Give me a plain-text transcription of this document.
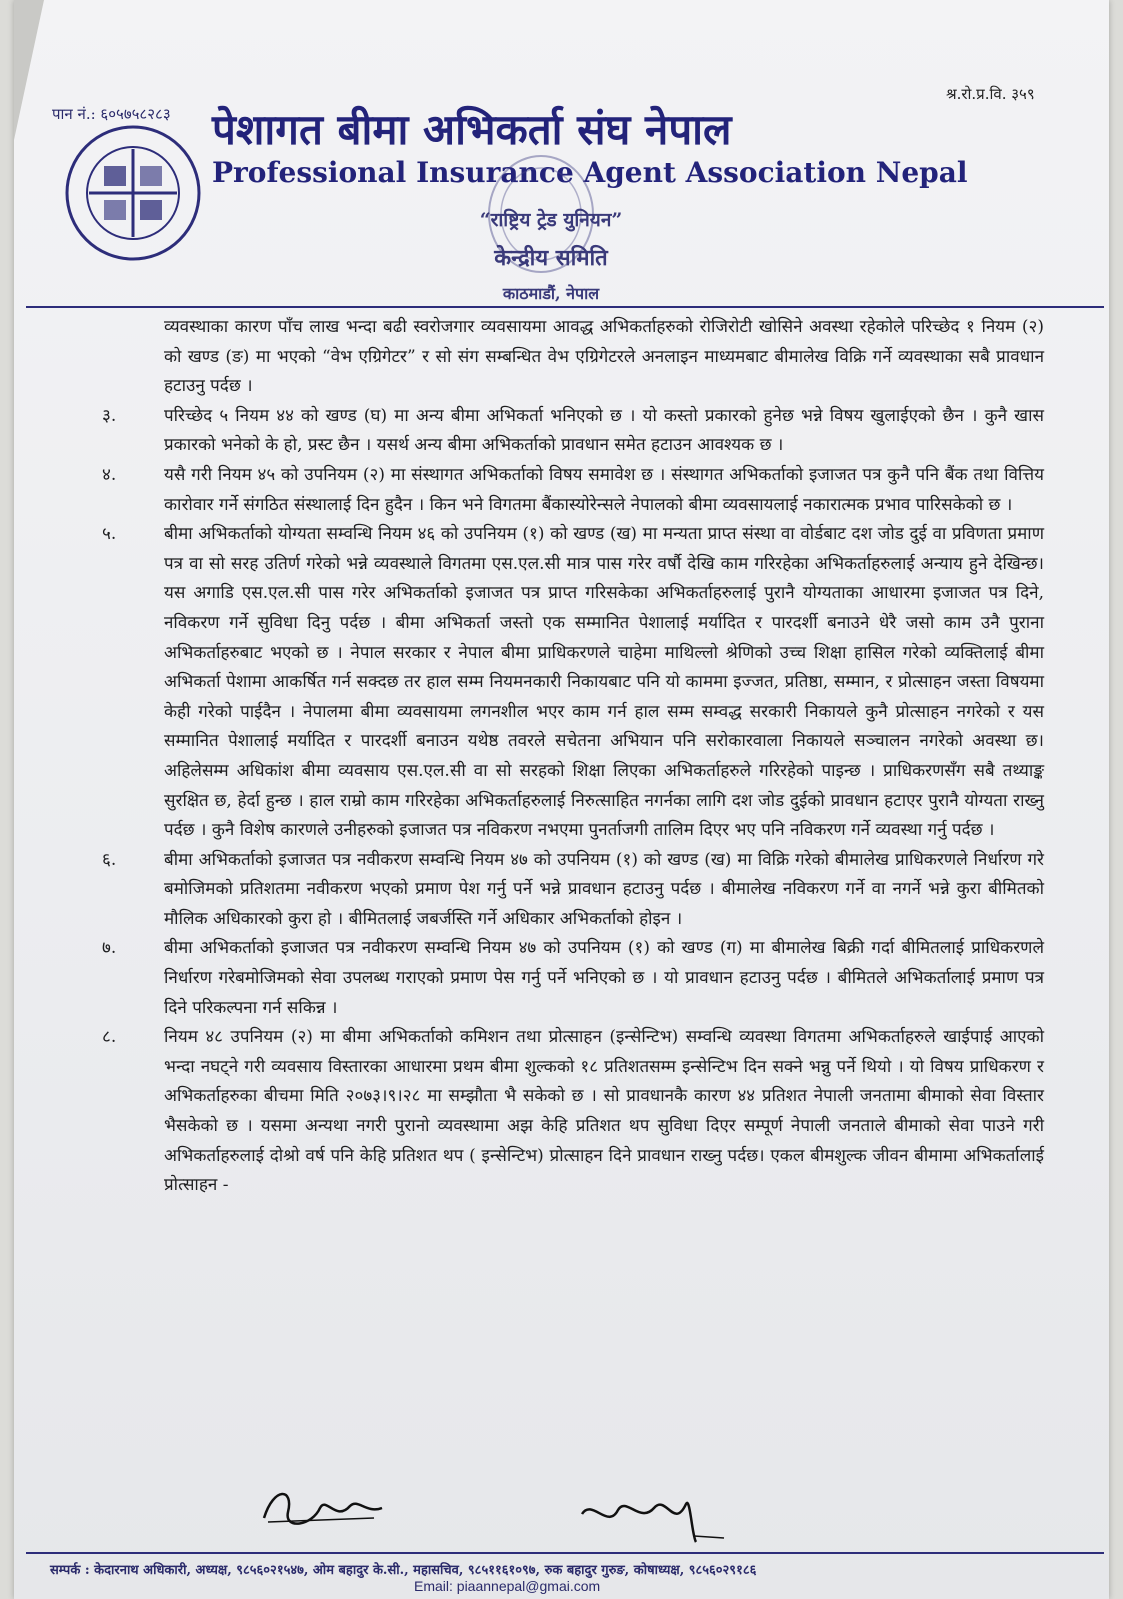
पान नं.: ६०५७५८२८३
श्र.रो.प्र.वि. ३५९
पेशागत बीमा अभिकर्ता संघ नेपाल
Professional Insurance Agent Association Nepal
“राष्ट्रिय ट्रेड युनियन”
केन्द्रीय समिति
काठमाडौं, नेपाल

व्यवस्थाका कारण पाँच लाख भन्दा बढी स्वरोजगार व्यवसायमा आवद्ध अभिकर्ताहरुको रोजिरोटी खोसिने अवस्था रहेकोले परिच्छेद १ नियम (२) को खण्ड (ङ) मा भएको “वेभ एग्रिगेटर” र सो संग सम्बन्धित वेभ एग्रिगेटरले अनलाइन माध्यमबाट बीमालेख विक्रि गर्ने व्यवस्थाका सबै प्रावधान हटाउनु पर्दछ ।

३.	परिच्छेद ५ नियम ४४ को खण्ड (घ) मा अन्य बीमा अभिकर्ता भनिएको छ । यो कस्तो प्रकारको हुनेछ भन्ने विषय खुलाईएको छैन । कुनै खास प्रकारको भनेको के हो, प्रस्ट छैन । यसर्थ अन्य बीमा अभिकर्ताको प्रावधान समेत हटाउन आवश्यक छ ।

४.	यसै गरी नियम ४५ को उपनियम (२) मा संस्थागत अभिकर्ताको विषय समावेश छ । संस्थागत अभिकर्ताको इजाजत पत्र कुनै पनि बैंक तथा वित्तिय कारोवार गर्ने संगठित संस्थालाई दिन हुदैन । किन भने विगतमा बैंकास्योरेन्सले नेपालको बीमा व्यवसायलाई नकारात्मक प्रभाव पारिसकेको छ ।

५.	बीमा अभिकर्ताको योग्यता सम्वन्धि नियम ४६ को उपनियम (१) को खण्ड (ख) मा मन्यता प्राप्त संस्था वा वोर्डबाट दश जोड दुई वा प्रविणता प्रमाण पत्र वा सो सरह उतिर्ण गरेको भन्ने व्यवस्थाले विगतमा एस.एल.सी मात्र पास गरेर वर्षौ देखि काम गरिरहेका अभिकर्ताहरुलाई अन्याय हुने देखिन्छ। यस अगाडि एस.एल.सी पास गरेर अभिकर्ताको इजाजत पत्र प्राप्त गरिसकेका अभिकर्ताहरुलाई पुरानै योग्यताका आधारमा इजाजत पत्र दिने, नविकरण गर्ने सुविधा दिनु पर्दछ । बीमा अभिकर्ता जस्तो एक सम्मानित पेशालाई मर्यादित र पारदर्शी बनाउने धेरै जसो काम उनै पुराना अभिकर्ताहरुबाट भएको छ । नेपाल सरकार र नेपाल बीमा प्राधिकरणले चाहेमा माथिल्लो श्रेणिको उच्च शिक्षा हासिल गरेको व्यक्तिलाई बीमा अभिकर्ता पेशामा आकर्षित गर्न सक्दछ तर हाल सम्म नियमनकारी निकायबाट पनि यो काममा इज्जत, प्रतिष्ठा, सम्मान, र प्रोत्साहन जस्ता विषयमा केही गरेको पाईदैन । नेपालमा बीमा व्यवसायमा लगनशील भएर काम गर्न हाल सम्म सम्वद्ध सरकारी निकायले कुनै प्रोत्साहन नगरेको र यस सम्मानित पेशालाई मर्यादित र पारदर्शी बनाउन यथेष्ठ तवरले सचेतना अभियान पनि सरोकारवाला निकायले सञ्चालन नगरेको अवस्था छ। अहिलेसम्म अधिकांश बीमा व्यवसाय एस.एल.सी वा सो सरहको शिक्षा लिएका अभिकर्ताहरुले गरिरहेको पाइन्छ । प्राधिकरणसँग सबै तथ्याङ्क सुरक्षित छ, हेर्दा हुन्छ । हाल राम्रो काम गरिरहेका अभिकर्ताहरुलाई निरुत्साहित नगर्नका लागि दश जोड दुईको प्रावधान हटाएर पुरानै योग्यता राख्नु पर्दछ । कुनै विशेष कारणले उनीहरुको इजाजत पत्र नविकरण नभएमा पुनर्ताजगी तालिम दिएर भए पनि नविकरण गर्ने व्यवस्था गर्नु पर्दछ ।

६.	बीमा अभिकर्ताको इजाजत पत्र नवीकरण सम्वन्धि नियम ४७ को उपनियम (१) को खण्ड (ख) मा विक्रि गरेको बीमालेख प्राधिकरणले निर्धारण गरे बमोजिमको प्रतिशतमा नवीकरण भएको प्रमाण पेश गर्नु पर्ने भन्ने प्रावधान हटाउनु पर्दछ । बीमालेख नविकरण गर्ने वा नगर्ने भन्ने कुरा बीमितको मौलिक अधिकारको कुरा हो । बीमितलाई जबर्जस्ति गर्ने अधिकार अभिकर्ताको होइन ।

७.	बीमा अभिकर्ताको इजाजत पत्र नवीकरण सम्वन्धि नियम ४७ को उपनियम (१) को खण्ड (ग) मा बीमालेख बिक्री गर्दा बीमितलाई प्राधिकरणले निर्धारण गरेबमोजिमको सेवा उपलब्ध गराएको प्रमाण पेस गर्नु पर्ने भनिएको छ । यो प्रावधान हटाउनु पर्दछ । बीमितले अभिकर्तालाई प्रमाण पत्र दिने परिकल्पना गर्न सकिन्न ।

८.	नियम ४८ उपनियम (२) मा बीमा अभिकर्ताको कमिशन तथा प्रोत्साहन (इन्सेन्टिभ) सम्वन्धि व्यवस्था विगतमा अभिकर्ताहरुले खाईपाई आएको भन्दा नघट्ने गरी व्यवसाय विस्तारका आधारमा प्रथम बीमा शुल्कको १८ प्रतिशतसम्म इन्सेन्टिभ दिन सक्ने भन्नु पर्ने थियो । यो विषय प्राधिकरण र अभिकर्ताहरुका बीचमा मिति २०७३।९।२८ मा सम्झौता भै सकेको छ । सो प्रावधानकै कारण ४४ प्रतिशत नेपाली जनतामा बीमाको सेवा विस्तार भैसकेको छ । यसमा अन्यथा नगरी पुरानो व्यवस्थामा अझ केहि प्रतिशत थप सुविधा दिएर सम्पूर्ण नेपाली जनताले बीमाको सेवा पाउने गरी अभिकर्ताहरुलाई दोश्रो वर्ष पनि केहि प्रतिशत थप ( इन्सेन्टिभ) प्रोत्साहन दिने प्रावधान राख्नु पर्दछ। एकल बीमशुल्क जीवन बीमामा अभिकर्तालाई प्रोत्साहन -

सम्पर्क : केदारनाथ अधिकारी, अध्यक्ष, ९८५६०२१५४७, ओम बहादुर के.सी., महासचिव, ९८५११६१०९७, रुक बहादुर गुरुङ, कोषाध्यक्ष, ९८५६०२९१८६
Email: piaannepal@gmai.com
